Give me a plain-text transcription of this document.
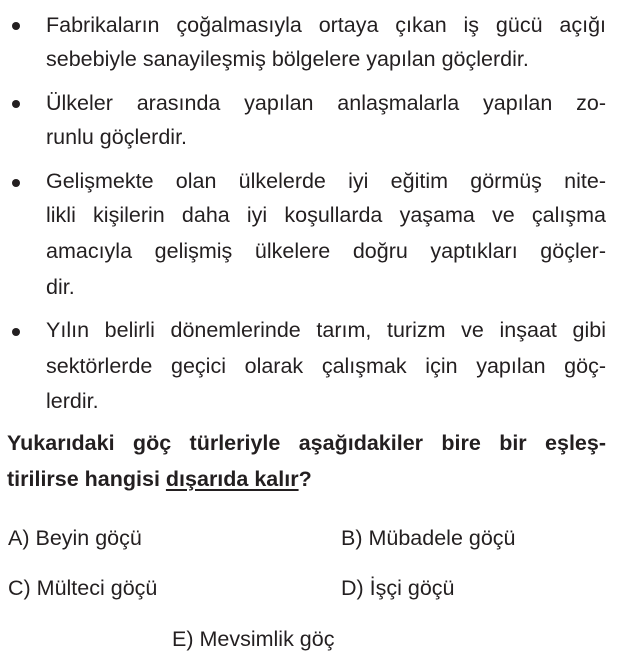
Fabrikaların çoğalmasıyla ortaya çıkan iş gücü açığı
sebebiyle sanayileşmiş bölgelere yapılan göçlerdir.
Ülkeler arasında yapılan anlaşmalarla yapılan zo-
runlu göçlerdir.
Gelişmekte olan ülkelerde iyi eğitim görmüş nite-
likli kişilerin daha iyi koşullarda yaşama ve çalışma
amacıyla gelişmiş ülkelere doğru yaptıkları göçler-
dir.
Yılın belirli dönemlerinde tarım, turizm ve inşaat gibi
sektörlerde geçici olarak çalışmak için yapılan göç-
lerdir.
Yukarıdaki göç türleriyle aşağıdakiler bire bir eşleş-
tirilirse hangisi dışarıda kalır?
A) Beyin göçü	B) Mübadele göçü
C) Mülteci göçü	D) İşçi göçü
E) Mevsimlik göç
